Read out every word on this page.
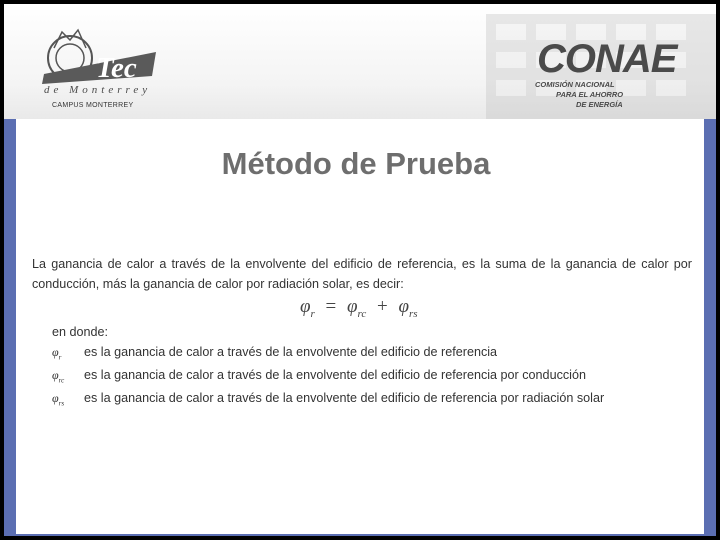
Tec
de Monterrey
CAMPUS MONTERREY
CONAE
COMISIÓN NACIONAL
PARA EL AHORRO
DE ENERGÍA
Método de Prueba
La ganancia de calor a través de la envolvente del edificio de referencia, es la suma de la ganancia de calor por conducción, más la ganancia de calor por radiación solar, es decir:
$\varphi_r = \varphi_{rc} + \varphi_{rs}$
en donde:
$\varphi_r$ es la ganancia de calor a través de la envolvente del edificio de referencia
$\varphi_{rc}$ es la ganancia de calor a través de la envolvente del edificio de referencia por conducción
$\varphi_{rs}$ es la ganancia de calor a través de la envolvente del edificio de referencia por radiación solar
